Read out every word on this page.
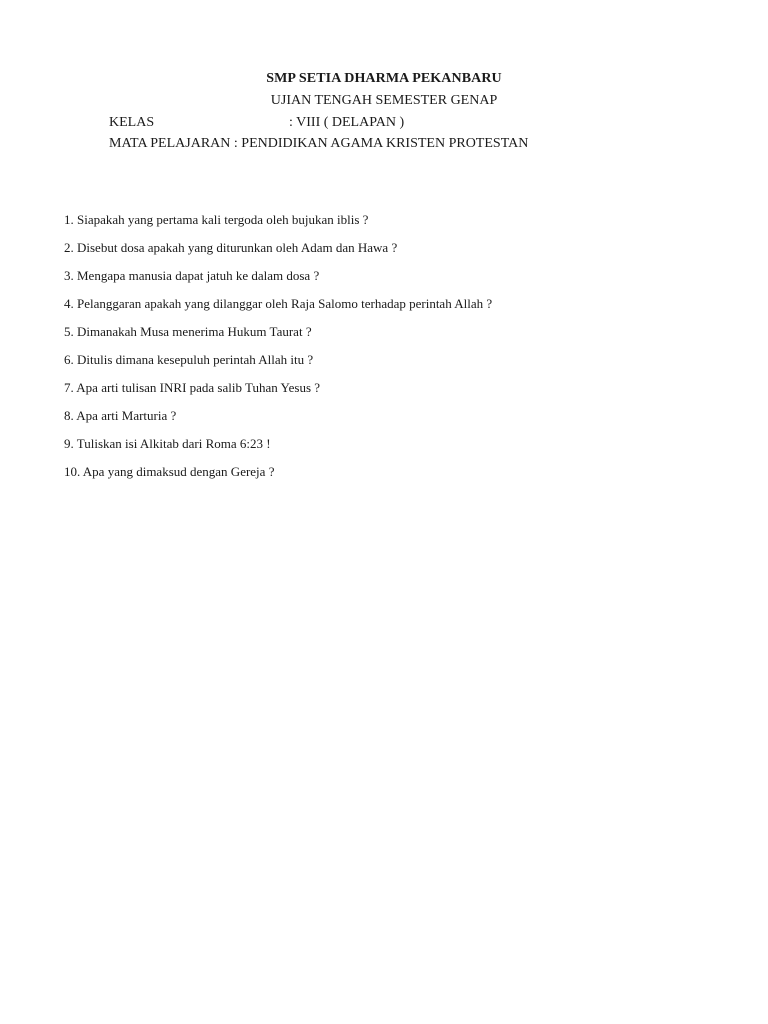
SMP SETIA DHARMA PEKANBARU
UJIAN TENGAH SEMESTER GENAP
KELAS	: VIII ( DELAPAN )
MATA PELAJARAN : PENDIDIKAN AGAMA KRISTEN PROTESTAN
1. Siapakah yang pertama kali tergoda oleh bujukan iblis ?
2. Disebut dosa apakah yang diturunkan oleh Adam dan Hawa ?
3. Mengapa manusia dapat jatuh ke dalam dosa ?
4. Pelanggaran apakah yang dilanggar oleh Raja Salomo terhadap perintah Allah ?
5. Dimanakah Musa menerima Hukum Taurat ?
6. Ditulis dimana kesepuluh perintah Allah itu ?
7. Apa arti tulisan INRI pada salib Tuhan Yesus ?
8. Apa arti Marturia ?
9. Tuliskan isi Alkitab dari Roma 6:23 !
10. Apa yang dimaksud dengan Gereja ?
